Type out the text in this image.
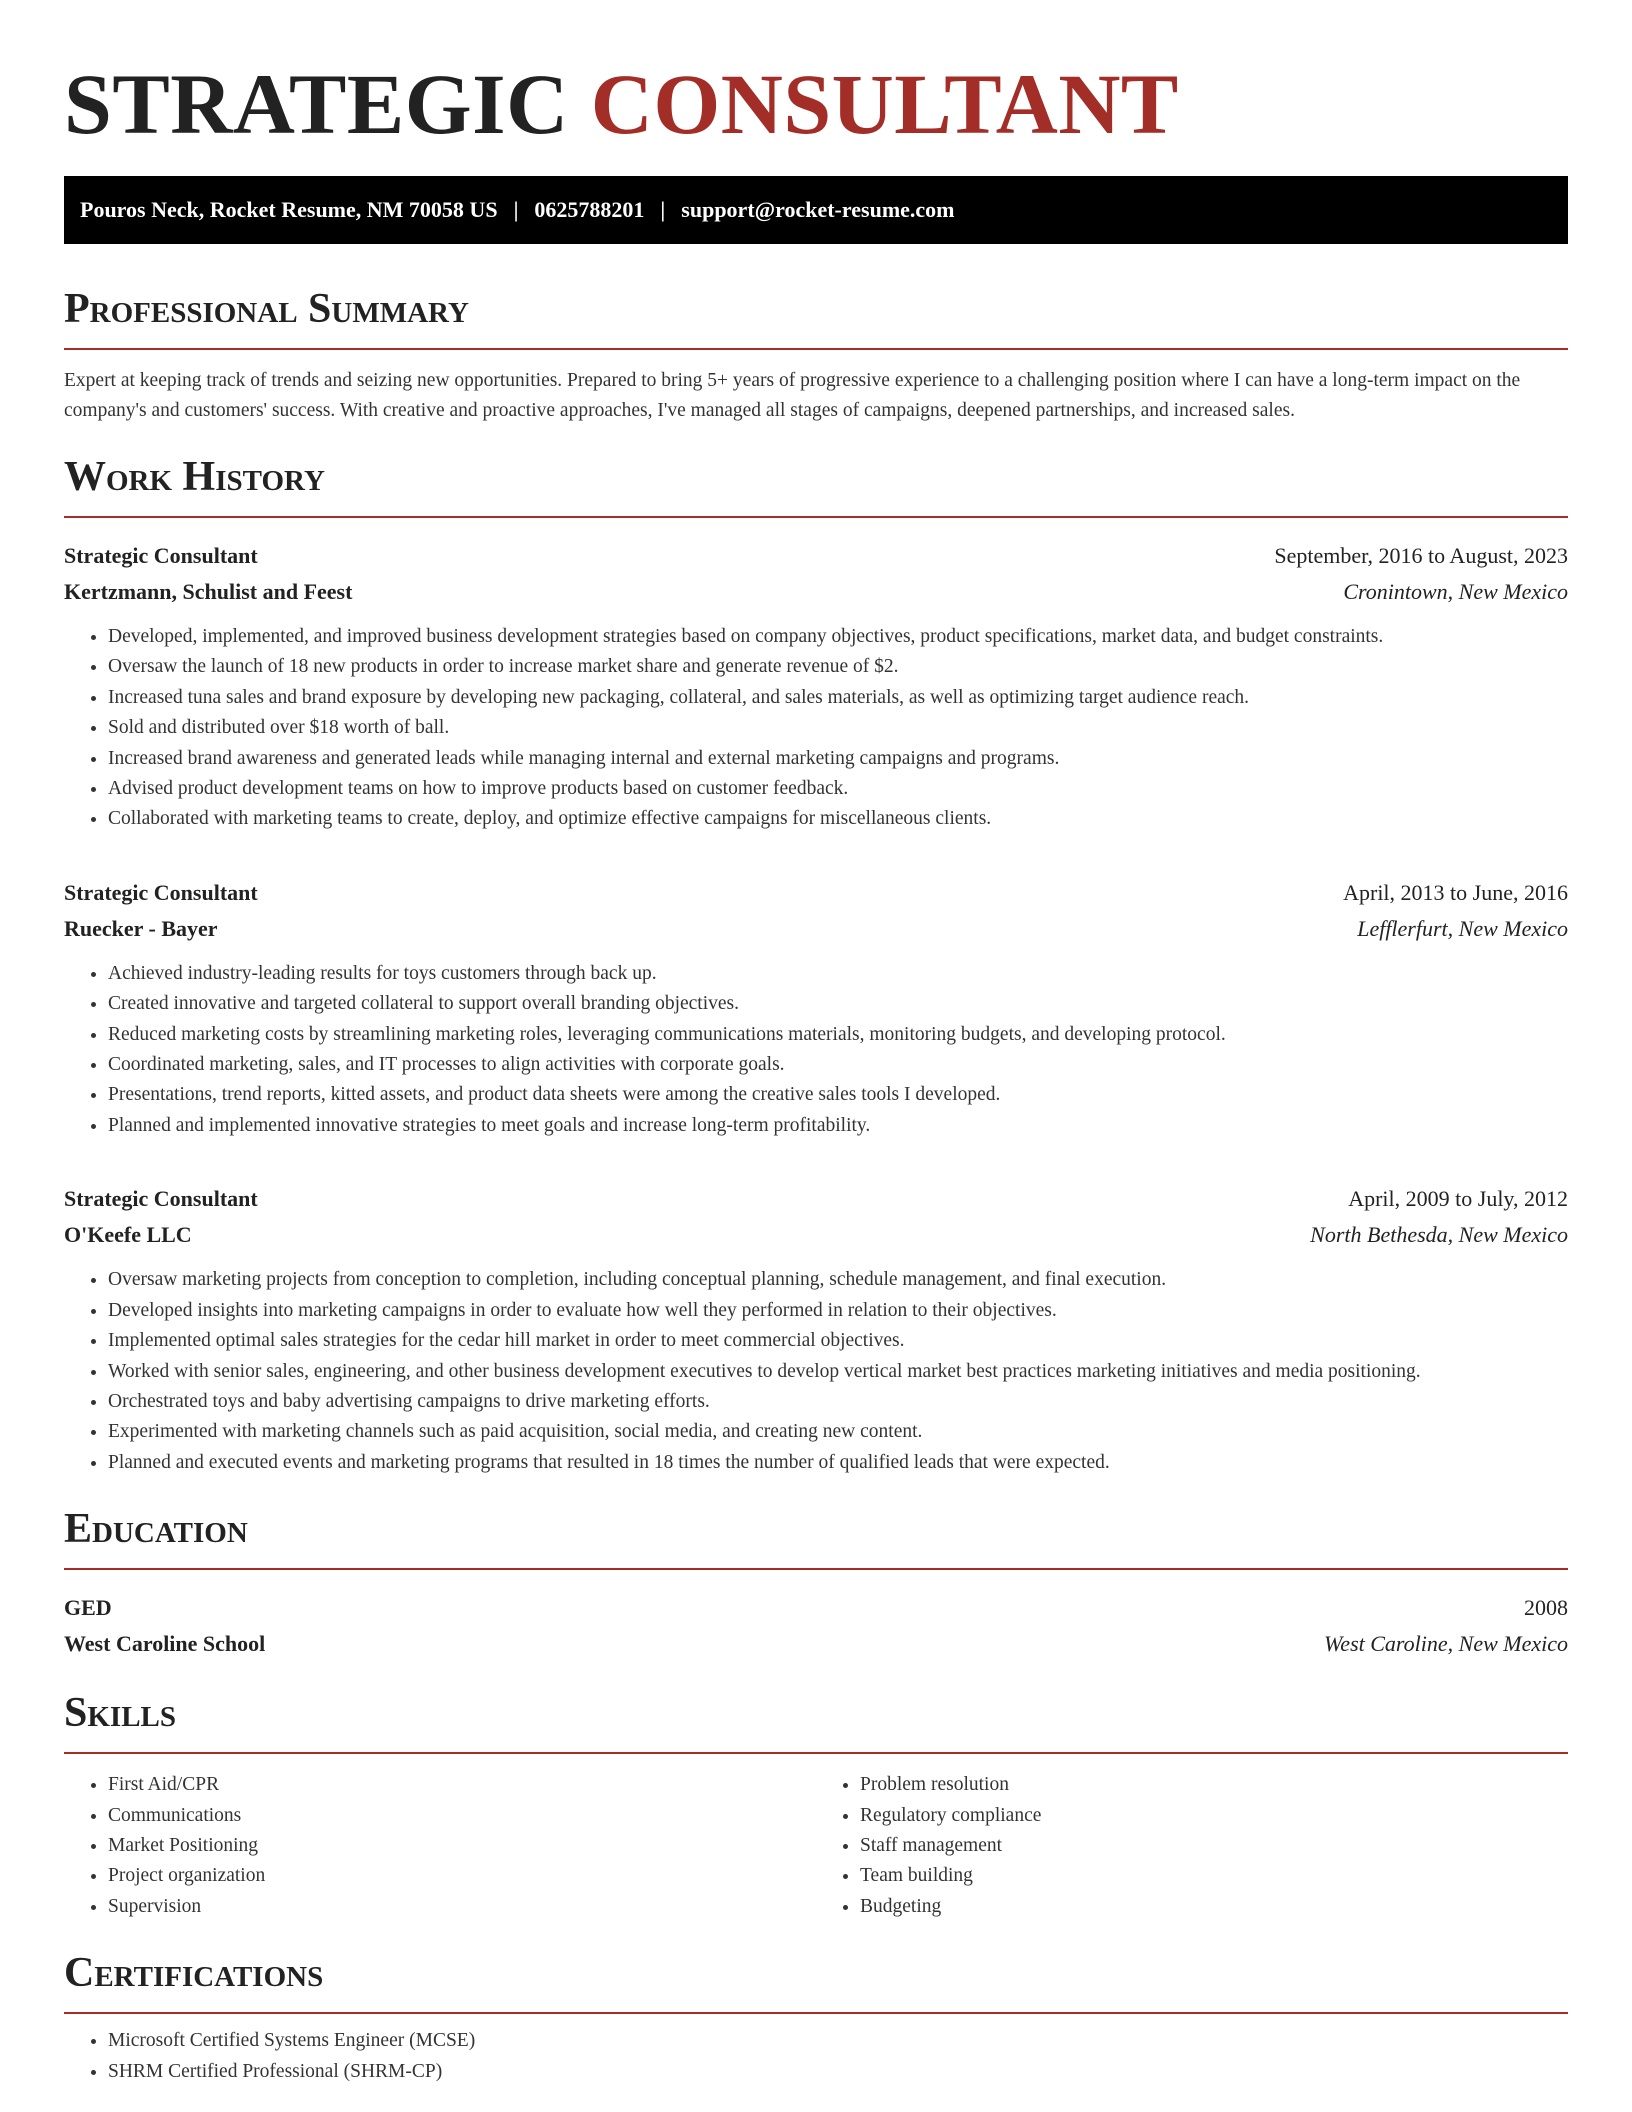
STRATEGIC CONSULTANT
Pouros Neck, Rocket Resume, NM 70058 US | 0625788201 | support@rocket-resume.com
Professional Summary
Expert at keeping track of trends and seizing new opportunities. Prepared to bring 5+ years of progressive experience to a challenging position where I can have a long-term impact on the company's and customers' success. With creative and proactive approaches, I've managed all stages of campaigns, deepened partnerships, and increased sales.
Work History
Strategic Consultant	September, 2016 to August, 2023
Kertzmann, Schulist and Feest	Cronintown, New Mexico
• Developed, implemented, and improved business development strategies based on company objectives, product specifications, market data, and budget constraints.
• Oversaw the launch of 18 new products in order to increase market share and generate revenue of $2.
• Increased tuna sales and brand exposure by developing new packaging, collateral, and sales materials, as well as optimizing target audience reach.
• Sold and distributed over $18 worth of ball.
• Increased brand awareness and generated leads while managing internal and external marketing campaigns and programs.
• Advised product development teams on how to improve products based on customer feedback.
• Collaborated with marketing teams to create, deploy, and optimize effective campaigns for miscellaneous clients.
Strategic Consultant	April, 2013 to June, 2016
Ruecker - Bayer	Lefflerfurt, New Mexico
• Achieved industry-leading results for toys customers through back up.
• Created innovative and targeted collateral to support overall branding objectives.
• Reduced marketing costs by streamlining marketing roles, leveraging communications materials, monitoring budgets, and developing protocol.
• Coordinated marketing, sales, and IT processes to align activities with corporate goals.
• Presentations, trend reports, kitted assets, and product data sheets were among the creative sales tools I developed.
• Planned and implemented innovative strategies to meet goals and increase long-term profitability.
Strategic Consultant	April, 2009 to July, 2012
O'Keefe LLC	North Bethesda, New Mexico
• Oversaw marketing projects from conception to completion, including conceptual planning, schedule management, and final execution.
• Developed insights into marketing campaigns in order to evaluate how well they performed in relation to their objectives.
• Implemented optimal sales strategies for the cedar hill market in order to meet commercial objectives.
• Worked with senior sales, engineering, and other business development executives to develop vertical market best practices marketing initiatives and media positioning.
• Orchestrated toys and baby advertising campaigns to drive marketing efforts.
• Experimented with marketing channels such as paid acquisition, social media, and creating new content.
• Planned and executed events and marketing programs that resulted in 18 times the number of qualified leads that were expected.
Education
GED	2008
West Caroline School	West Caroline, New Mexico
Skills
• First Aid/CPR
• Communications
• Market Positioning
• Project organization
• Supervision
• Problem resolution
• Regulatory compliance
• Staff management
• Team building
• Budgeting
Certifications
• Microsoft Certified Systems Engineer (MCSE)
• SHRM Certified Professional (SHRM-CP)
